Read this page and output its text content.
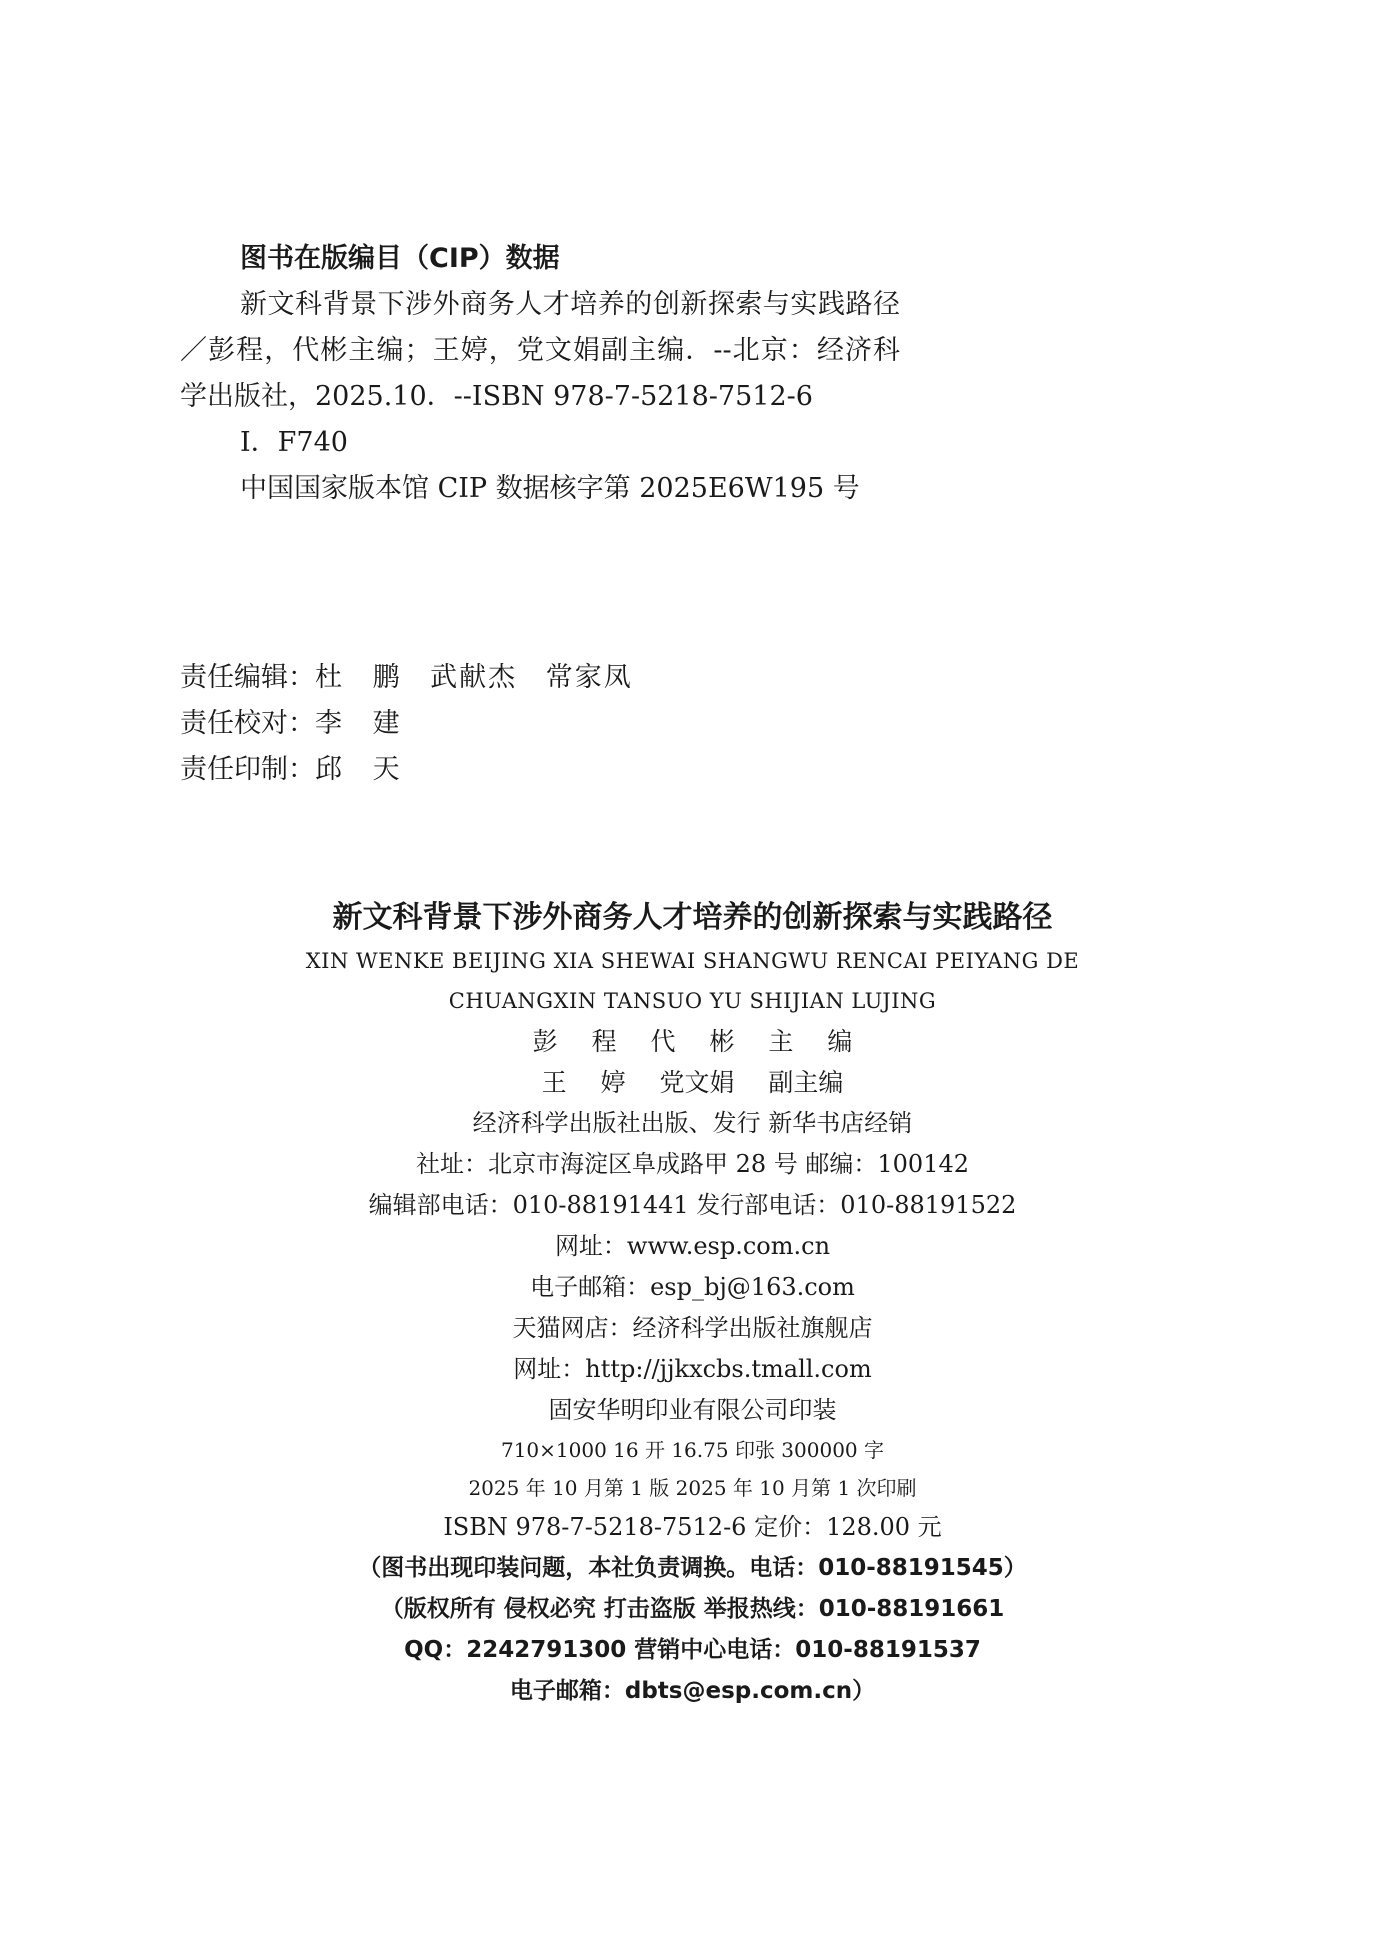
图书在版编目（CIP）数据
新文科背景下涉外商务人才培养的创新探索与实践路径／彭程，代彬主编；王婷，党文娟副主编．--北京：经济科学出版社，2025.10．--ISBN 978-7-5218-7512-6
Ⅰ．F740
中国国家版本馆 CIP 数据核字第 2025E6W195 号
责任编辑：杜 鹏 武献杰 常家凤
责任校对：李 建
责任印制：邱 天
新文科背景下涉外商务人才培养的创新探索与实践路径
XIN WENKE BEIJING XIA SHEWAI SHANGWU RENCAI PEIYANG DE
CHUANGXIN TANSUO YU SHIJIAN LUJING
彭 程 代 彬 主 编
王 婷 党文娟 副主编
经济科学出版社出版、发行 新华书店经销
社址：北京市海淀区阜成路甲 28 号 邮编：100142
编辑部电话：010-88191441 发行部电话：010-88191522
网址：www.esp.com.cn
电子邮箱：esp_bj@163.com
天猫网店：经济科学出版社旗舰店
网址：http://jjkxcbs.tmall.com
固安华明印业有限公司印装
710×1000 16 开 16.75 印张 300000 字
2025 年 10 月第 1 版 2025 年 10 月第 1 次印刷
ISBN 978-7-5218-7512-6 定价：128.00 元
（图书出现印装问题，本社负责调换。电话：010-88191545）
（版权所有 侵权必究 打击盗版 举报热线：010-88191661
QQ：2242791300 营销中心电话：010-88191537
电子邮箱：dbts@esp.com.cn）
